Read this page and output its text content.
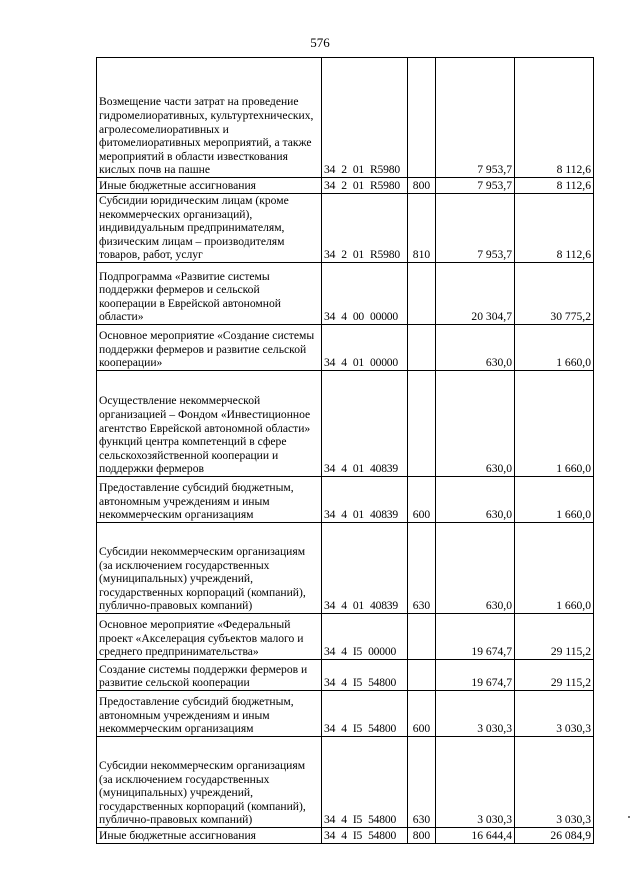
576
Возмещение части затрат на проведение гидромелиоративных, культуртехнических, агролесомелиоративных и фитомелиоративных мероприятий, а также мероприятий в области известкования кислых почв на пашне	34 2 01 R5980		7 953,7	8 112,6
Иные бюджетные ассигнования	34 2 01 R5980	800	7 953,7	8 112,6
Субсидии юридическим лицам (кроме некоммерческих организаций), индивидуальным предпринимателям, физическим лицам – производителям товаров, работ, услуг	34 2 01 R5980	810	7 953,7	8 112,6
Подпрограмма «Развитие системы поддержки фермеров и сельской кооперации в Еврейской автономной области»	34 4 00 00000		20 304,7	30 775,2
Основное мероприятие «Создание системы поддержки фермеров и развитие сельской кооперации»	34 4 01 00000		630,0	1 660,0
Осуществление некоммерческой организацией – Фондом «Инвестиционное агентство Еврейской автономной области» функций центра компетенций в сфере сельскохозяйственной кооперации и поддержки фермеров	34 4 01 40839		630,0	1 660,0
Предоставление субсидий бюджетным, автономным учреждениям и иным некоммерческим организациям	34 4 01 40839	600	630,0	1 660,0
Субсидии некоммерческим организациям (за исключением государственных (муниципальных) учреждений, государственных корпораций (компаний), публично-правовых компаний)	34 4 01 40839	630	630,0	1 660,0
Основное мероприятие «Федеральный проект «Акселерация субъектов малого и среднего предпринимательства»	34 4 I5 00000		19 674,7	29 115,2
Создание системы поддержки фермеров и развитие сельской кооперации	34 4 I5 54800		19 674,7	29 115,2
Предоставление субсидий бюджетным, автономным учреждениям и иным некоммерческим организациям	34 4 I5 54800	600	3 030,3	3 030,3
Субсидии некоммерческим организациям (за исключением государственных (муниципальных) учреждений, государственных корпораций (компаний), публично-правовых компаний)	34 4 I5 54800	630	3 030,3	3 030,3
Иные бюджетные ассигнования	34 4 I5 54800	800	16 644,4	26 084,9
